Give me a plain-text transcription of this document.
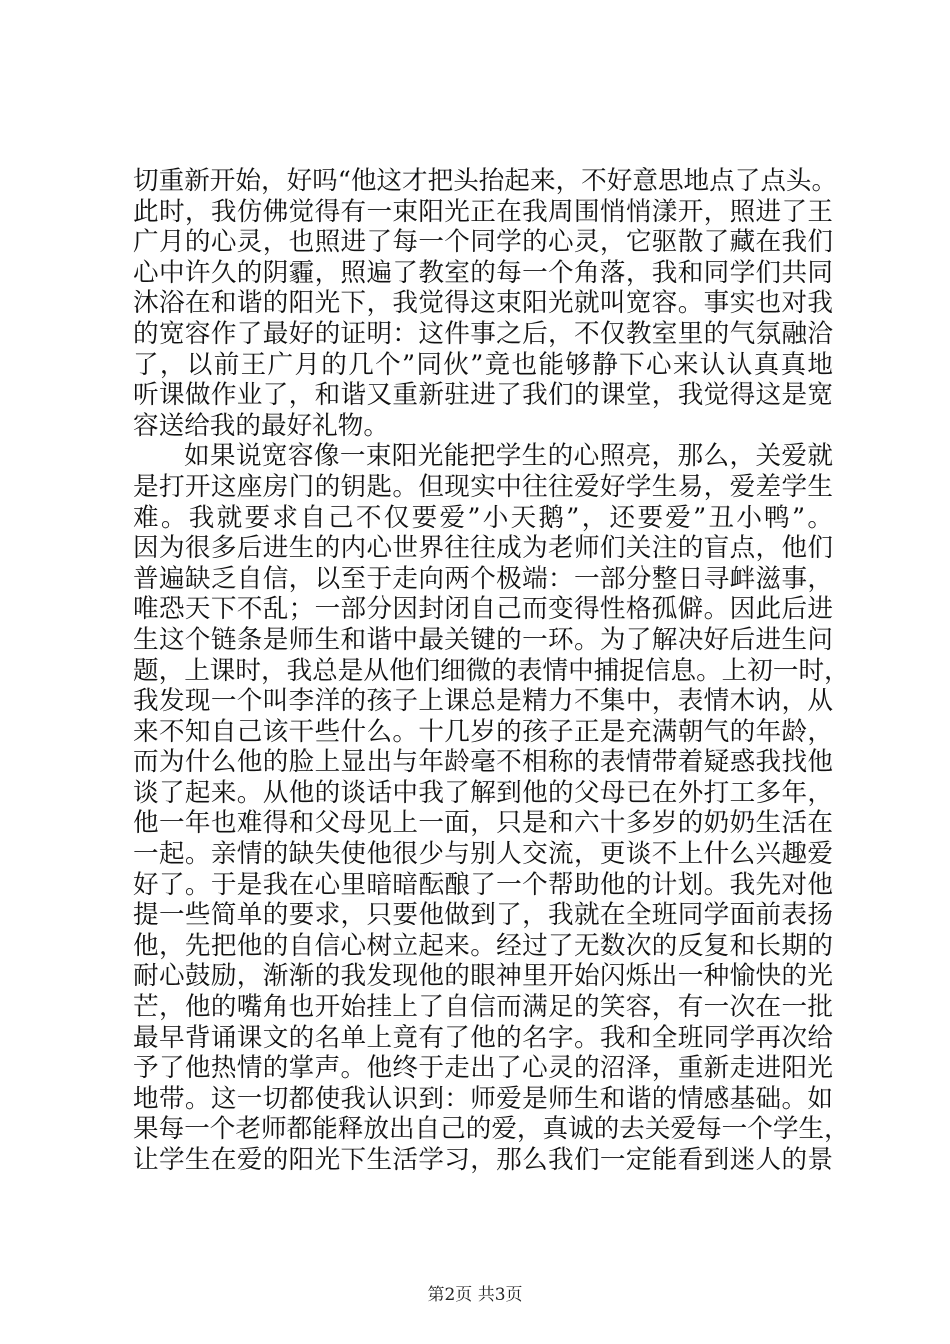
切重新开始，好吗“他这才把头抬起来，不好意思地点了点头。
此时，我仿佛觉得有一束阳光正在我周围悄悄漾开，照进了王
广月的心灵，也照进了每一个同学的心灵，它驱散了藏在我们
心中许久的阴霾，照遍了教室的每一个角落，我和同学们共同
沐浴在和谐的阳光下，我觉得这束阳光就叫宽容。事实也对我
的宽容作了最好的证明：这件事之后，不仅教室里的气氛融洽
了，以前王广月的几个”同伙”竟也能够静下心来认认真真地
听课做作业了，和谐又重新驻进了我们的课堂，我觉得这是宽
容送给我的最好礼物。
如果说宽容像一束阳光能把学生的心照亮，那么，关爱就
是打开这座房门的钥匙。但现实中往往爱好学生易，爱差学生
难。我就要求自己不仅要爱”小天鹅”，还要爱”丑小鸭”。
因为很多后进生的内心世界往往成为老师们关注的盲点，他们
普遍缺乏自信，以至于走向两个极端：一部分整日寻衅滋事，
唯恐天下不乱；一部分因封闭自己而变得性格孤僻。因此后进
生这个链条是师生和谐中最关键的一环。为了解决好后进生问
题，上课时，我总是从他们细微的表情中捕捉信息。上初一时，
我发现一个叫李洋的孩子上课总是精力不集中，表情木讷，从
来不知自己该干些什么。十几岁的孩子正是充满朝气的年龄，
而为什么他的脸上显出与年龄毫不相称的表情带着疑惑我找他
谈了起来。从他的谈话中我了解到他的父母已在外打工多年，
他一年也难得和父母见上一面，只是和六十多岁的奶奶生活在
一起。亲情的缺失使他很少与别人交流，更谈不上什么兴趣爱
好了。于是我在心里暗暗酝酿了一个帮助他的计划。我先对他
提一些简单的要求，只要他做到了，我就在全班同学面前表扬
他，先把他的自信心树立起来。经过了无数次的反复和长期的
耐心鼓励，渐渐的我发现他的眼神里开始闪烁出一种愉快的光
芒，他的嘴角也开始挂上了自信而满足的笑容，有一次在一批
最早背诵课文的名单上竟有了他的名字。我和全班同学再次给
予了他热情的掌声。他终于走出了心灵的沼泽，重新走进阳光
地带。这一切都使我认识到：师爱是师生和谐的情感基础。如
果每一个老师都能释放出自己的爱，真诚的去关爱每一个学生，
让学生在爱的阳光下生活学习，那么我们一定能看到迷人的景
第2页 共3页
